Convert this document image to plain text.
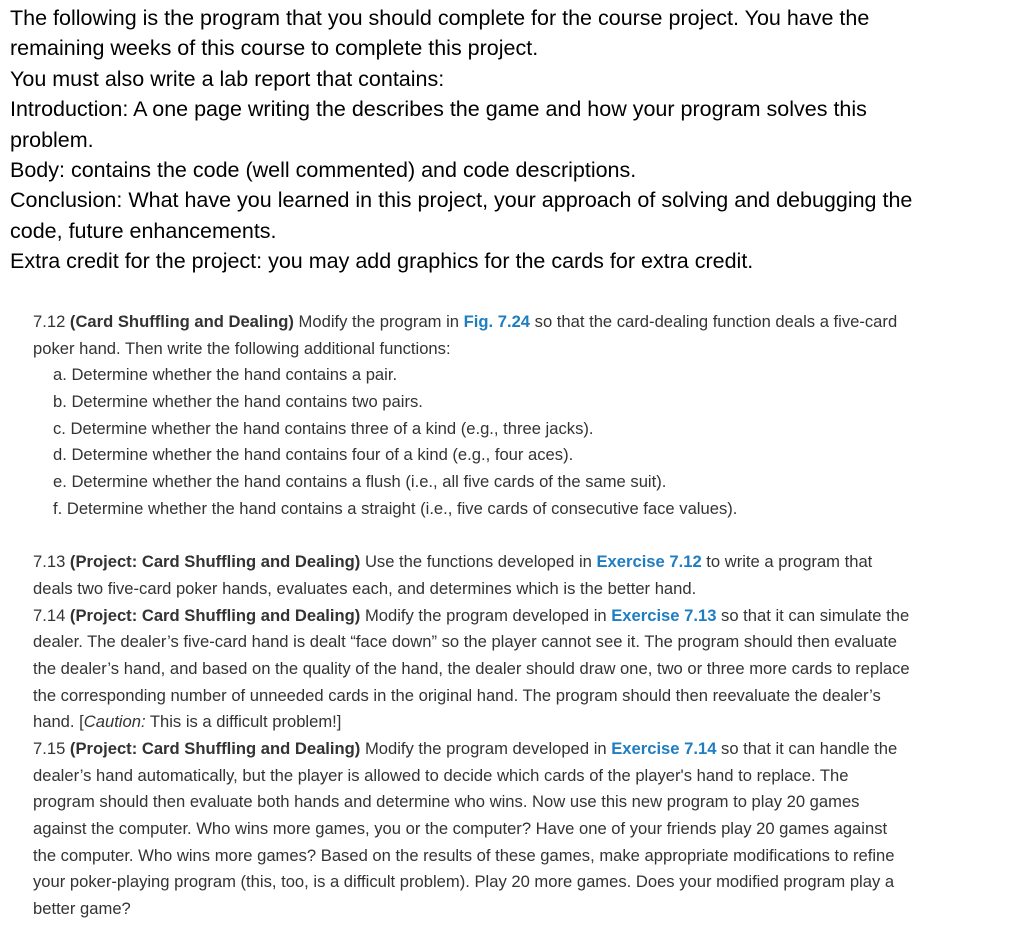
The following is the program that you should complete for the course project. You have the
remaining weeks of this course to complete this project.
You must also write a lab report that contains:
Introduction: A one page writing the describes the game and how your program solves this
problem.
Body: contains the code (well commented) and code descriptions.
Conclusion: What have you learned in this project, your approach of solving and debugging the
code, future enhancements.
Extra credit for the project: you may add graphics for the cards for extra credit.
7.12 (Card Shuffling and Dealing) Modify the program in Fig. 7.24 so that the card-dealing function deals a five-card
poker hand. Then write the following additional functions:
a. Determine whether the hand contains a pair.
b. Determine whether the hand contains two pairs.
c. Determine whether the hand contains three of a kind (e.g., three jacks).
d. Determine whether the hand contains four of a kind (e.g., four aces).
e. Determine whether the hand contains a flush (i.e., all five cards of the same suit).
f. Determine whether the hand contains a straight (i.e., five cards of consecutive face values).
7.13 (Project: Card Shuffling and Dealing) Use the functions developed in Exercise 7.12 to write a program that
deals two five-card poker hands, evaluates each, and determines which is the better hand.
7.14 (Project: Card Shuffling and Dealing) Modify the program developed in Exercise 7.13 so that it can simulate the
dealer. The dealer’s five-card hand is dealt “face down” so the player cannot see it. The program should then evaluate
the dealer’s hand, and based on the quality of the hand, the dealer should draw one, two or three more cards to replace
the corresponding number of unneeded cards in the original hand. The program should then reevaluate the dealer’s
hand. [Caution: This is a difficult problem!]
7.15 (Project: Card Shuffling and Dealing) Modify the program developed in Exercise 7.14 so that it can handle the
dealer’s hand automatically, but the player is allowed to decide which cards of the player's hand to replace. The
program should then evaluate both hands and determine who wins. Now use this new program to play 20 games
against the computer. Who wins more games, you or the computer? Have one of your friends play 20 games against
the computer. Who wins more games? Based on the results of these games, make appropriate modifications to refine
your poker-playing program (this, too, is a difficult problem). Play 20 more games. Does your modified program play a
better game?
